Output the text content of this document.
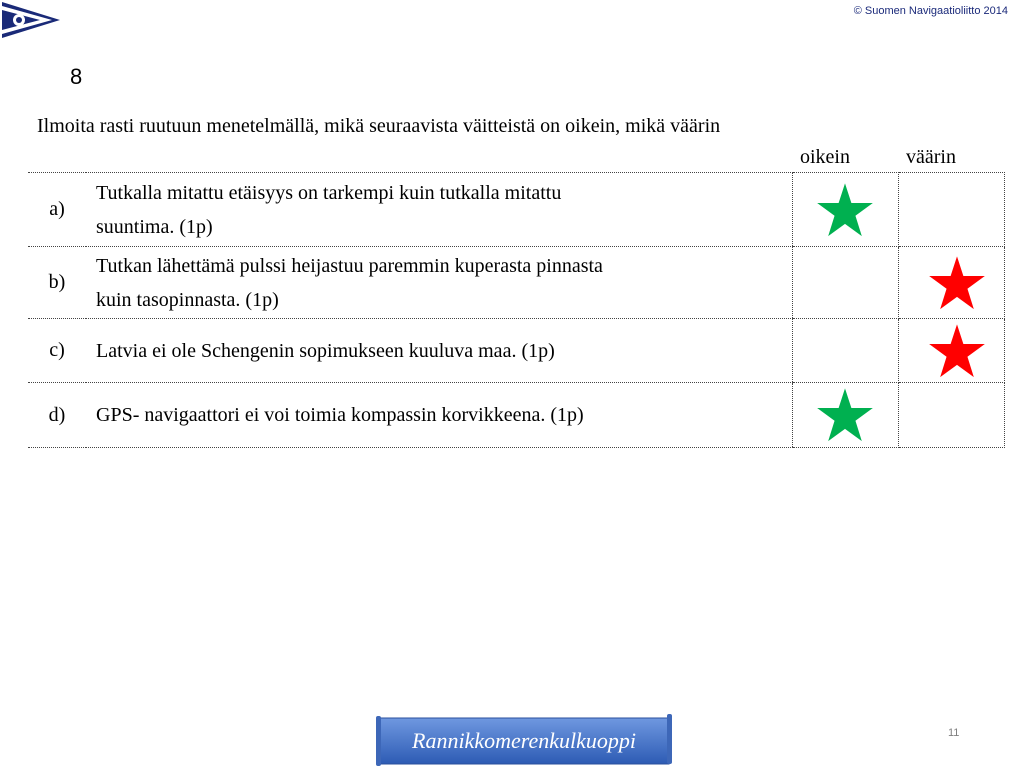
© Suomen Navigaatioliitto 2014
8
Ilmoita rasti ruutuun menetelmällä, mikä seuraavista väitteistä on oikein, mikä väärin
oikein	väärin
a)	Tutkalla mitattu etäisyys on tarkempi kuin tutkalla mitattu
suuntima. (1p)	

b)	Tutkan lähettämä pulssi heijastuu paremmin kuperasta pinnasta
kuin tasopinnasta. (1p)		

c)	Latvia ei ole Schengenin sopimukseen kuuluva maa. (1p)		

d)	GPS- navigaattori ei voi toimia kompassin korvikkeena. (1p)	

Rannikkomerenkulkuoppi	11
